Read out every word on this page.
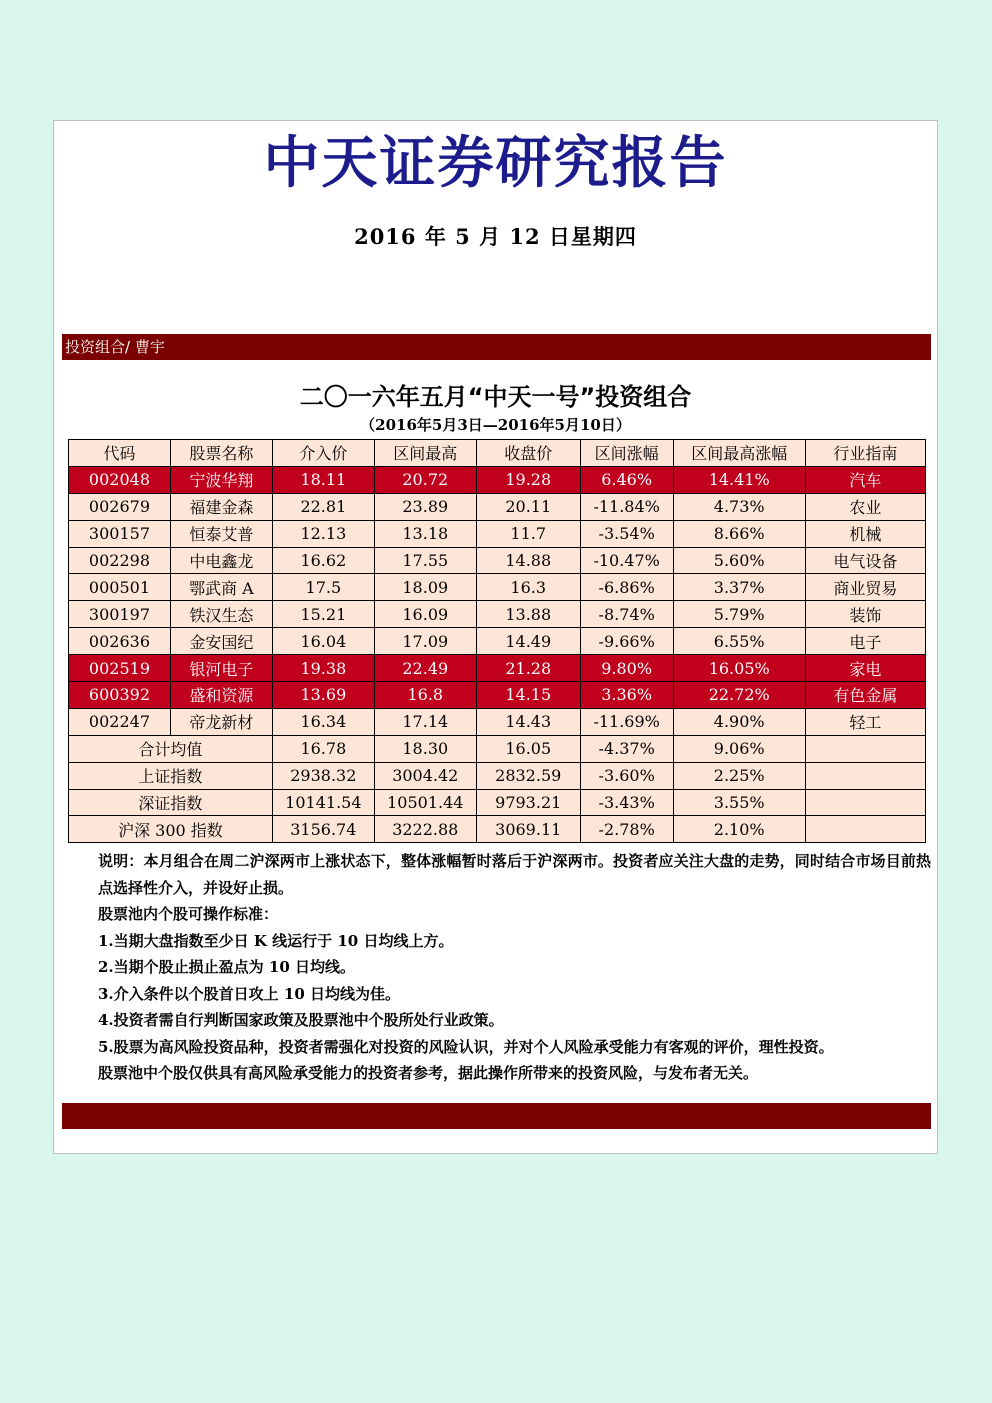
中天证券研究报告
2016 年 5 月 12 日星期四
投资组合/ 曹宇
二〇一六年五月“中天一号”投资组合
（2016年5月3日—2016年5月10日）
代码	股票名称	介入价	区间最高	收盘价	区间涨幅	区间最高涨幅	行业指南
002048	宁波华翔	18.11	20.72	19.28	6.46%	14.41%	汽车
002679	福建金森	22.81	23.89	20.11	-11.84%	4.73%	农业
300157	恒泰艾普	12.13	13.18	11.7	-3.54%	8.66%	机械
002298	中电鑫龙	16.62	17.55	14.88	-10.47%	5.60%	电气设备
000501	鄂武商 A	17.5	18.09	16.3	-6.86%	3.37%	商业贸易
300197	铁汉生态	15.21	16.09	13.88	-8.74%	5.79%	装饰
002636	金安国纪	16.04	17.09	14.49	-9.66%	6.55%	电子
002519	银河电子	19.38	22.49	21.28	9.80%	16.05%	家电
600392	盛和资源	13.69	16.8	14.15	3.36%	22.72%	有色金属
002247	帝龙新材	16.34	17.14	14.43	-11.69%	4.90%	轻工
合计均值		16.78	18.30	16.05	-4.37%	9.06%	
上证指数		2938.32	3004.42	2832.59	-3.60%	2.25%	
深证指数		10141.54	10501.44	9793.21	-3.43%	3.55%	
沪深 300 指数		3156.74	3222.88	3069.11	-2.78%	2.10%	

说明：本月组合在周二沪深两市上涨状态下，整体涨幅暂时落后于沪深两市。投资者应关注大盘的走势，同时结合市场目前热点选择性介入，并设好止损。

股票池内个股可操作标准：

1.当期大盘指数至少日 K 线运行于 10 日均线上方。

2.当期个股止损止盈点为 10 日均线。

3.介入条件以个股首日攻上 10 日均线为佳。

4.投资者需自行判断国家政策及股票池中个股所处行业政策。

5.股票为高风险投资品种，投资者需强化对投资的风险认识，并对个人风险承受能力有客观的评价，理性投资。

股票池中个股仅供具有高风险承受能力的投资者参考，据此操作所带来的投资风险，与发布者无关。
